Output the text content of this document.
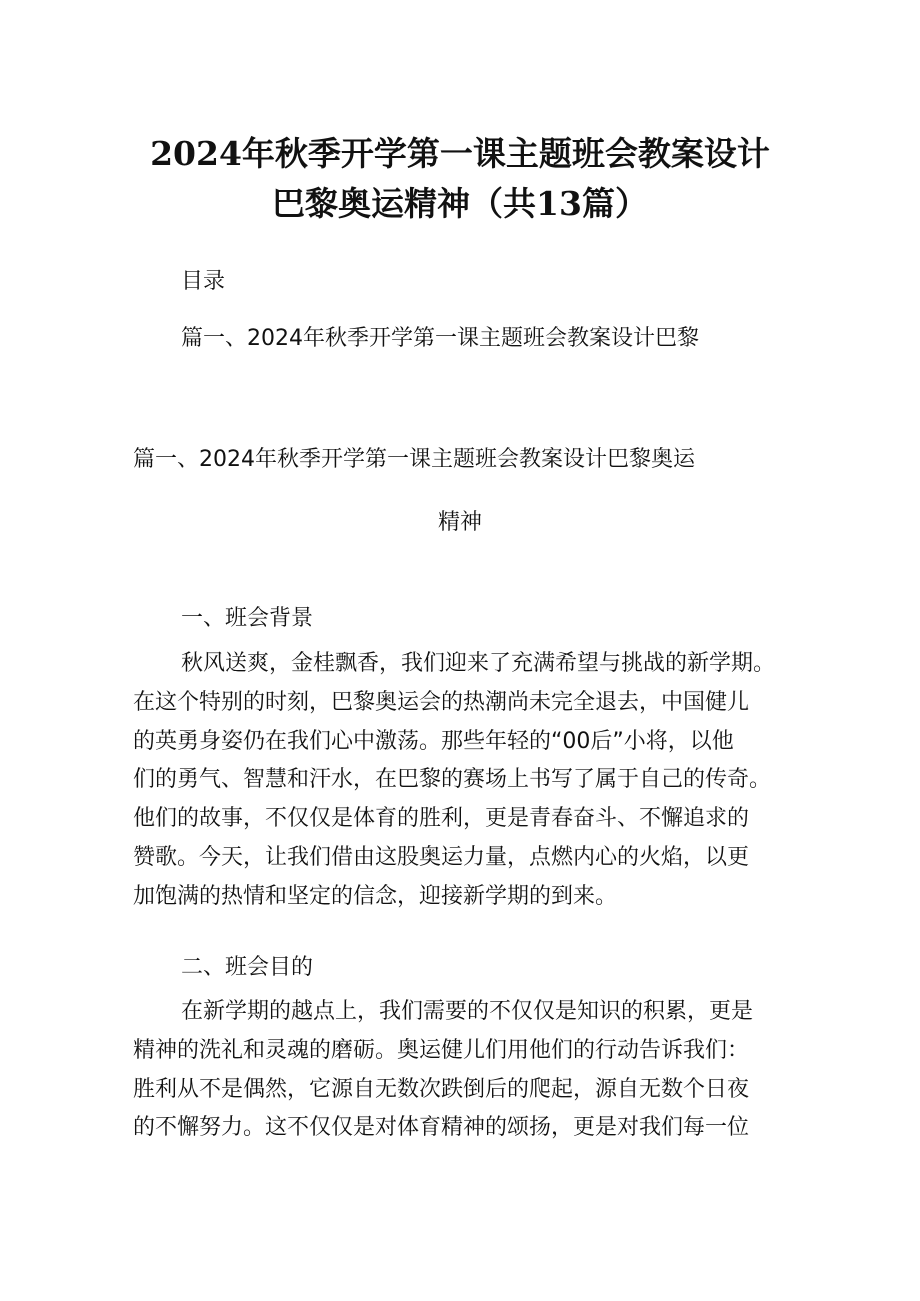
2024年秋季开学第一课主题班会教案设计
巴黎奥运精神（共13篇）
目录
篇一、2024年秋季开学第一课主题班会教案设计巴黎
篇一、2024年秋季开学第一课主题班会教案设计巴黎奥运
精神
一、班会背景
秋风送爽，金桂飘香，我们迎来了充满希望与挑战的新学期。
在这个特别的时刻，巴黎奥运会的热潮尚未完全退去，中国健儿
的英勇身姿仍在我们心中激荡。那些年轻的“00后”小将，以他
们的勇气、智慧和汗水，在巴黎的赛场上书写了属于自己的传奇。
他们的故事，不仅仅是体育的胜利，更是青春奋斗、不懈追求的
赞歌。今天，让我们借由这股奥运力量，点燃内心的火焰，以更
加饱满的热情和坚定的信念，迎接新学期的到来。
二、班会目的
在新学期的越点上，我们需要的不仅仅是知识的积累，更是
精神的洗礼和灵魂的磨砺。奥运健儿们用他们的行动告诉我们：
胜利从不是偶然，它源自无数次跌倒后的爬起，源自无数个日夜
的不懈努力。这不仅仅是对体育精神的颂扬，更是对我们每一位
